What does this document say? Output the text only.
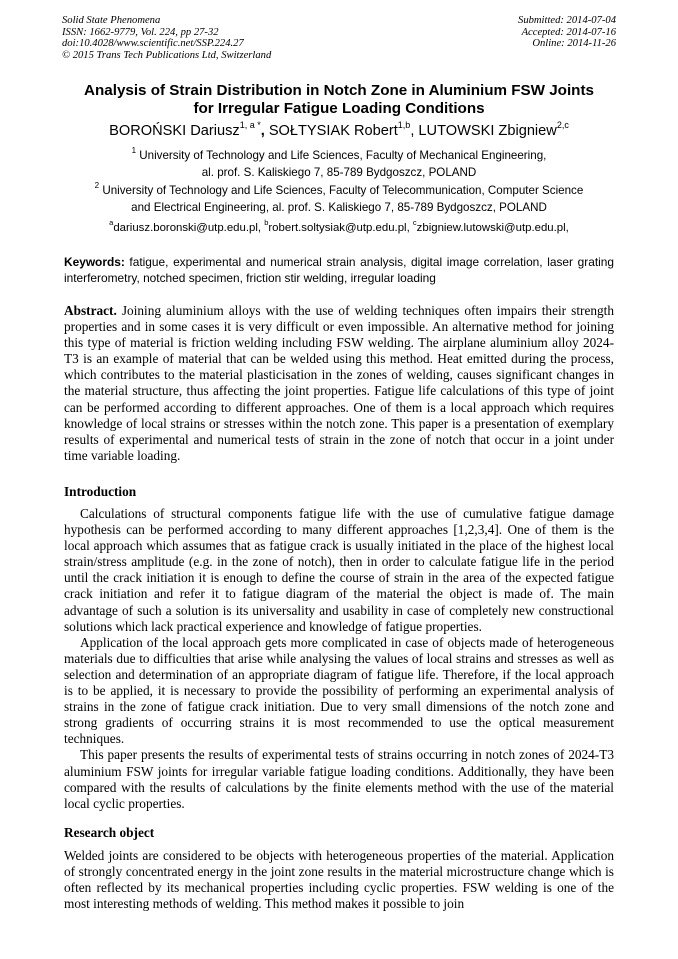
Solid State Phenomena
ISSN: 1662-9779, Vol. 224, pp 27-32
doi:10.4028/www.scientific.net/SSP.224.27
© 2015 Trans Tech Publications Ltd, Switzerland
Submitted: 2014-07-04
Accepted: 2014-07-16
Online: 2014-11-26
Analysis of Strain Distribution in Notch Zone in Aluminium FSW Joints
for Irregular Fatigue Loading Conditions
BOROŃSKI Dariusz$^{1, a *}$, SOŁTYSIAK Robert$^{1,b}$, LUTOWSKI Zbigniew$^{2,c}$
$^1$ University of Technology and Life Sciences, Faculty of Mechanical Engineering,
al. prof. S. Kaliskiego 7, 85-789 Bydgoszcz, POLAND
$^2$ University of Technology and Life Sciences, Faculty of Telecommunication, Computer Science
and Electrical Engineering, al. prof. S. Kaliskiego 7, 85-789 Bydgoszcz, POLAND
$^a$dariusz.boronski@utp.edu.pl, $^b$robert.soltysiak@utp.edu.pl, $^c$zbigniew.lutowski@utp.edu.pl,
Keywords: fatigue, experimental and numerical strain analysis, digital image correlation, laser grating interferometry, notched specimen, friction stir welding, irregular loading
Abstract. Joining aluminium alloys with the use of welding techniques often impairs their strength properties and in some cases it is very difficult or even impossible. An alternative method for joining this type of material is friction welding including FSW welding. The airplane aluminium alloy 2024-T3 is an example of material that can be welded using this method. Heat emitted during the process, which contributes to the material plasticisation in the zones of welding, causes significant changes in the material structure, thus affecting the joint properties. Fatigue life calculations of this type of joint can be performed according to different approaches. One of them is a local approach which requires knowledge of local strains or stresses within the notch zone. This paper is a presentation of exemplary results of experimental and numerical tests of strain in the zone of notch that occur in a joint under time variable loading.
Introduction

Calculations of structural components fatigue life with the use of cumulative fatigue damage hypothesis can be performed according to many different approaches [1,2,3,4]. One of them is the local approach which assumes that as fatigue crack is usually initiated in the place of the highest local strain/stress amplitude (e.g. in the zone of notch), then in order to calculate fatigue life in the period until the crack initiation it is enough to define the course of strain in the area of the expected fatigue crack initiation and refer it to fatigue diagram of the material the object is made of. The main advantage of such a solution is its universality and usability in case of completely new constructional solutions which lack practical experience and knowledge of fatigue properties.

Application of the local approach gets more complicated in case of objects made of heterogeneous materials due to difficulties that arise while analysing the values of local strains and stresses as well as selection and determination of an appropriate diagram of fatigue life. Therefore, if the local approach is to be applied, it is necessary to provide the possibility of performing an experimental analysis of strains in the zone of fatigue crack initiation. Due to very small dimensions of the notch zone and strong gradients of occurring strains it is most recommended to use the optical measurement techniques.

This paper presents the results of experimental tests of strains occurring in notch zones of 2024-T3 aluminium FSW joints for irregular variable fatigue loading conditions. Additionally, they have been compared with the results of calculations by the finite elements method with the use of the material local cyclic properties.

Research object

Welded joints are considered to be objects with heterogeneous properties of the material. Application of strongly concentrated energy in the joint zone results in the material microstructure change which is often reflected by its mechanical properties including cyclic properties. FSW welding is one of the most interesting methods of welding. This method makes it possible to join
